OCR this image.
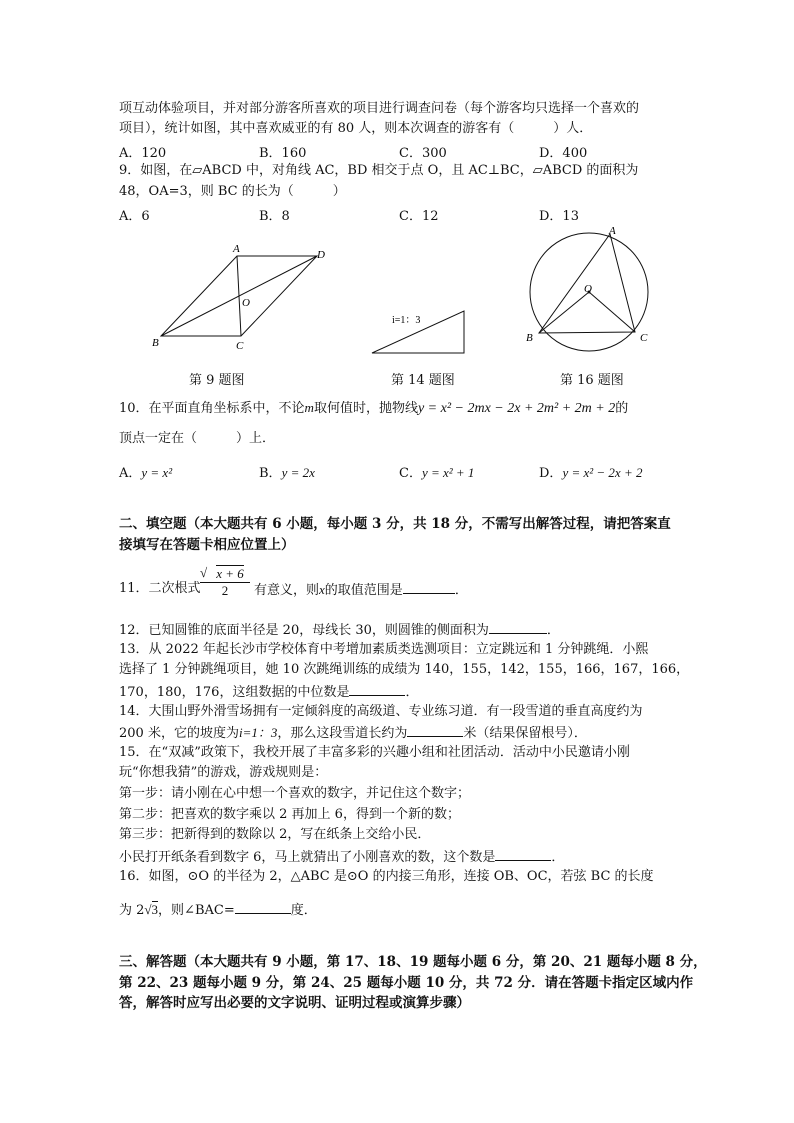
项互动体验项目，并对部分游客所喜欢的项目进行调查问卷（每个游客均只选择一个喜欢的
项目），统计如图，其中喜欢威亚的有 80 人，则本次调查的游客有（　　　）人．
A．120	B．160	C．300	D．400
9．如图，在▱ABCD 中，对角线 AC，BD 相交于点 O，且 AC⊥BC，▱ABCD 的面积为
48，OA=3，则 BC 的长为（　　　）
A．6	B．8	C．12	D．13
A	D
O
B	C
第 9 题图
i=1：3
第 14 题图
A
O
B	C
第 16 题图
10．在平面直角坐标系中，不论m取何值时，抛物线y = x² − 2mx − 2x + 2m² + 2m + 2的
顶点一定在（　　　）上．
A．y = x²	B．y = 2x	C．y = x² + 1	D．y = x² − 2x + 2
二、填空题（本大题共有 6 小题，每小题 3 分，共 18 分，不需写出解答过程，请把答案直
接填写在答题卡相应位置上）
11．二次根式 $\frac{√ x + 6}{2}$ 有意义，则x的取值范围是	．
12．已知圆锥的底面半径是 20，母线长 30，则圆锥的侧面积为	．
13．从 2022 年起长沙市学校体育中考增加素质类选测项目：立定跳远和 1 分钟跳绳．小熙
选择了 1 分钟跳绳项目，她 10 次跳绳训练的成绩为 140，155，142，155，166，167，166，
170，180，176，这组数据的中位数是	．
14．大围山野外滑雪场拥有一定倾斜度的高级道、专业练习道．有一段雪道的垂直高度约为
200 米，它的坡度为i=1：3，那么这段雪道长约为	米（结果保留根号）．
15．在“双减”政策下，我校开展了丰富多彩的兴趣小组和社团活动．活动中小民邀请小刚
玩“你想我猜”的游戏，游戏规则是：
第一步：请小刚在心中想一个喜欢的数字，并记住这个数字；
第二步：把喜欢的数字乘以 2 再加上 6，得到一个新的数；
第三步：把新得到的数除以 2，写在纸条上交给小民．
小民打开纸条看到数字 6，马上就猜出了小刚喜欢的数，这个数是	．
16．如图，⊙O 的半径为 2，△ABC 是⊙O 的内接三角形，连接 OB、OC，若弦 BC 的长度
为 2√3，则∠BAC=	度．
三、解答题（本大题共有 9 小题，第 17、18、19 题每小题 6 分，第 20、21 题每小题 8 分，
第 22、23 题每小题 9 分，第 24、25 题每小题 10 分，共 72 分．请在答题卡指定区域内作
答，解答时应写出必要的文字说明、证明过程或演算步骤）
